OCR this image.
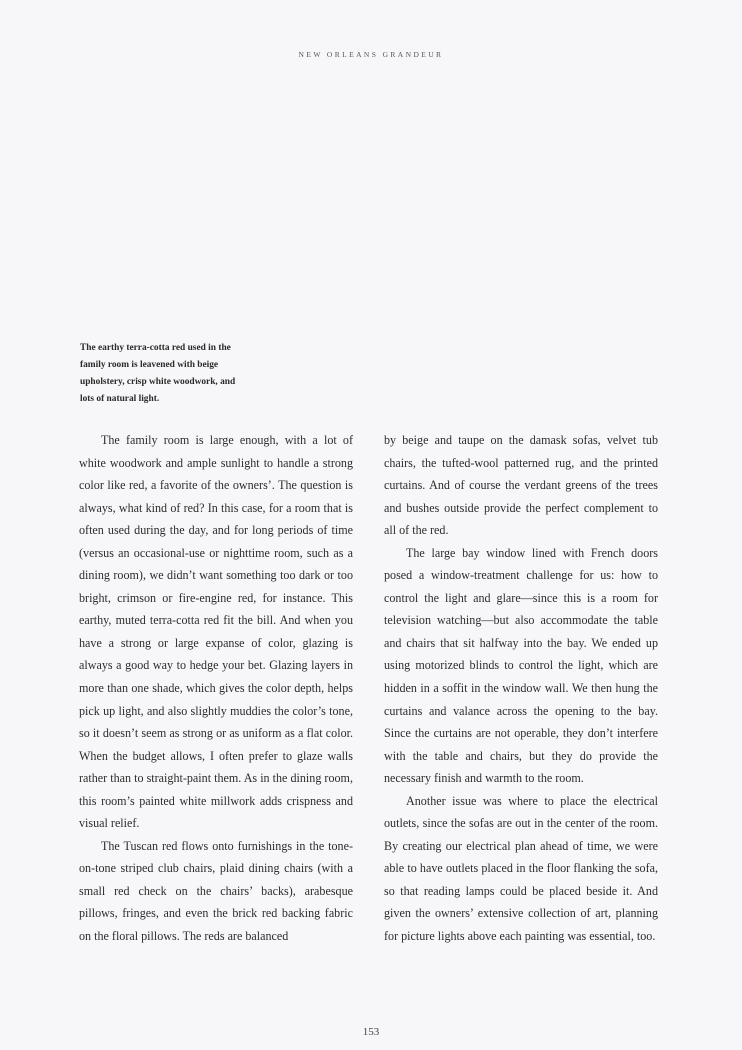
NEW ORLEANS GRANDEUR
The earthy terra-cotta red used in the family room is leavened with beige upholstery, crisp white woodwork, and lots of natural light.

The family room is large enough, with a lot of white woodwork and ample sunlight to handle a strong color like red, a favorite of the owners’. The question is always, what kind of red? In this case, for a room that is often used during the day, and for long periods of time (versus an occasional-use or nighttime room, such as a dining room), we didn’t want something too dark or too bright, crimson or fire-engine red, for instance. This earthy, muted terra-cotta red fit the bill. And when you have a strong or large expanse of color, glazing is always a good way to hedge your bet. Glazing layers in more than one shade, which gives the color depth, helps pick up light, and also slightly muddies the color’s tone, so it doesn’t seem as strong or as uniform as a flat color. When the budget allows, I often prefer to glaze walls rather than to straight-paint them. As in the dining room, this room’s painted white millwork adds crispness and visual relief.

The Tuscan red flows onto furnishings in the tone-on-tone striped club chairs, plaid dining chairs (with a small red check on the chairs’ backs), arabesque pillows, fringes, and even the brick red backing fabric on the floral pillows. The reds are balanced

by beige and taupe on the damask sofas, velvet tub chairs, the tufted-wool patterned rug, and the printed curtains. And of course the verdant greens of the trees and bushes outside provide the perfect complement to all of the red.

The large bay window lined with French doors posed a window-treatment challenge for us: how to control the light and glare—since this is a room for television watching—but also accommodate the table and chairs that sit halfway into the bay. We ended up using motorized blinds to control the light, which are hidden in a soffit in the window wall. We then hung the curtains and valance across the opening to the bay. Since the curtains are not operable, they don’t interfere with the table and chairs, but they do provide the necessary finish and warmth to the room.

Another issue was where to place the electrical outlets, since the sofas are out in the center of the room. By creating our electrical plan ahead of time, we were able to have outlets placed in the floor flanking the sofa, so that reading lamps could be placed beside it. And given the owners’ extensive collection of art, planning for picture lights above each painting was essential, too.

153
